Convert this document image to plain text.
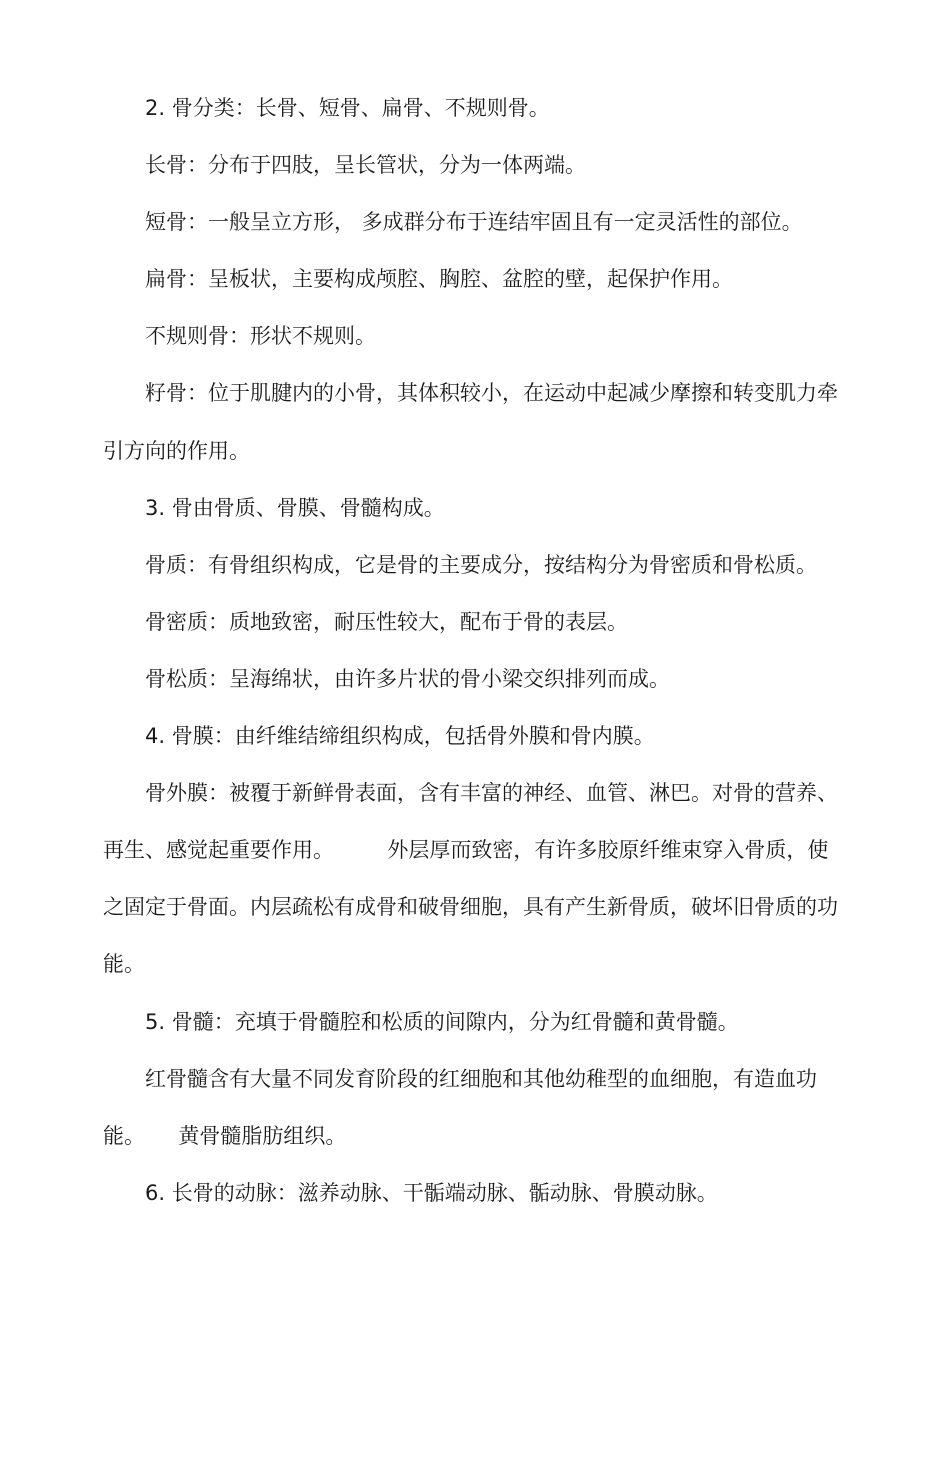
2. 骨分类：长骨、短骨、扁骨、不规则骨。

长骨：分布于四肢，呈长管状，分为一体两端。

短骨：一般呈立方形， 多成群分布于连结牢固且有一定灵活性的部位。

扁骨：呈板状，主要构成颅腔、胸腔、盆腔的壁，起保护作用。

不规则骨：形状不规则。

籽骨：位于肌腱内的小骨，其体积较小，在运动中起减少摩擦和转变肌力牵引方向的作用。

3. 骨由骨质、骨膜、骨髓构成。

骨质：有骨组织构成，它是骨的主要成分，按结构分为骨密质和骨松质。

骨密质：质地致密，耐压性较大，配布于骨的表层。

骨松质：呈海绵状，由许多片状的骨小梁交织排列而成。

4. 骨膜：由纤维结缔组织构成，包括骨外膜和骨内膜。

骨外膜：被覆于新鲜骨表面，含有丰富的神经、血管、淋巴。对骨的营养、再生、感觉起重要作用。        外层厚而致密，有许多胶原纤维束穿入骨质，使之固定于骨面。内层疏松有成骨和破骨细胞，具有产生新骨质，破坏旧骨质的功能。

5. 骨髓：充填于骨髓腔和松质的间隙内，分为红骨髓和黄骨髓。

红骨髓含有大量不同发育阶段的红细胞和其他幼稚型的血细胞，有造血功能。     黄骨髓脂肪组织。

6. 长骨的动脉：滋养动脉、干骺端动脉、骺动脉、骨膜动脉。
